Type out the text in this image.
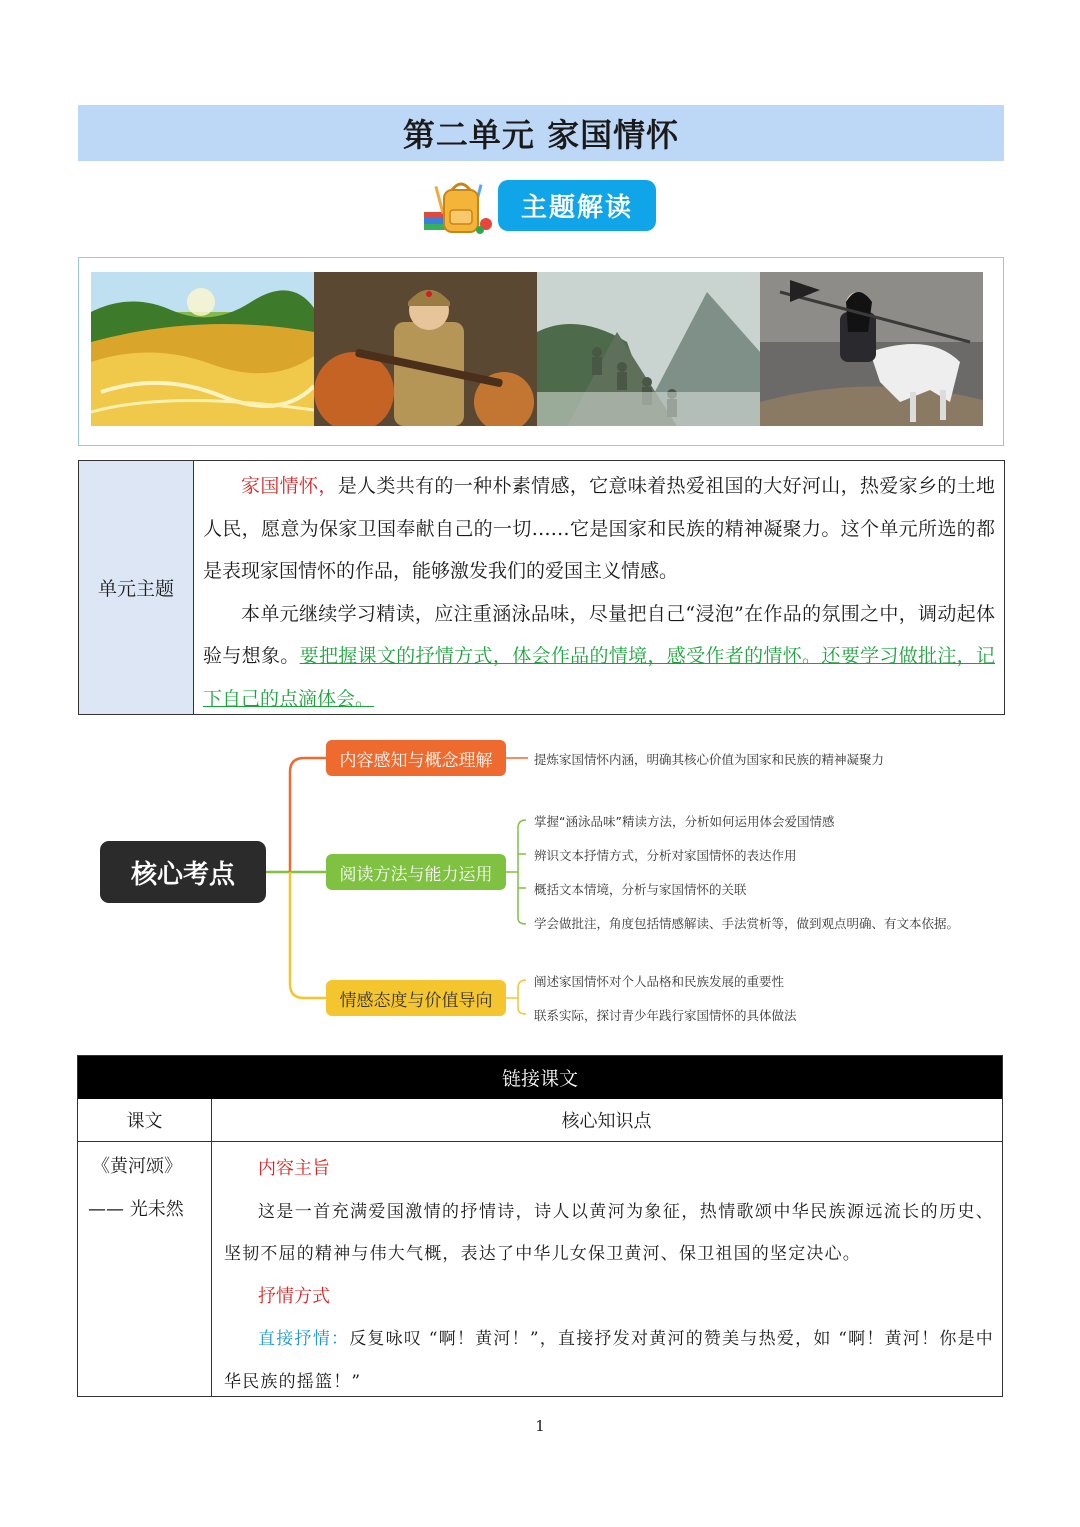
第二单元 家国情怀
主题解读
单元主题

家国情怀，是人类共有的一种朴素情感，它意味着热爱祖国的大好河山，热爱家乡的土地人民，愿意为保家卫国奉献自己的一切……它是国家和民族的精神凝聚力。这个单元所选的都是表现家国情怀的作品，能够激发我们的爱国主义情感。

本单元继续学习精读，应注重涵泳品味，尽量把自己“浸泡”在作品的氛围之中，调动起体验与想象。要把握课文的抒情方式，体会作品的情境，感受作者的情怀。还要学习做批注，记下自己的点滴体会。

核心考点
内容感知与概念理解
阅读方法与能力运用
情感态度与价值导向
提炼家国情怀内涵，明确其核心价值为国家和民族的精神凝聚力
掌握“涵泳品味”精读方法，分析如何运用体会爱国情感
辨识文本抒情方式，分析对家国情怀的表达作用
概括文本情境，分析与家国情怀的关联
学会做批注，角度包括情感解读、手法赏析等，做到观点明确、有文本依据。
阐述家国情怀对个人品格和民族发展的重要性
联系实际，探讨青少年践行家国情怀的具体做法
链接课文
课文	核心知识点
《黄河颂》
—— 光未然

内容主旨

这是一首充满爱国激情的抒情诗，诗人以黄河为象征，热情歌颂中华民族源远流长的历史、坚韧不屈的精神与伟大气概，表达了中华儿女保卫黄河、保卫祖国的坚定决心。

抒情方式

直接抒情：反复咏叹 “啊！黄河！”，直接抒发对黄河的赞美与热爱，如 “啊！黄河！你是中华民族的摇篮！”

1
